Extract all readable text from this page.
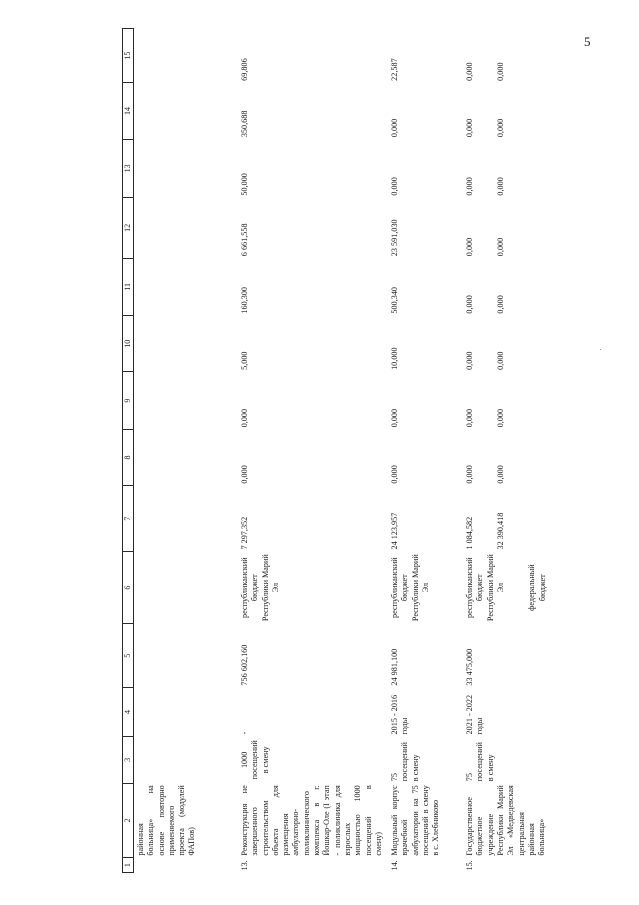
5
1	2	3	4	5	6	7	8	9	10	11	12	13	14	15
	районная больница» на основе повторно применяемого проекта (модулей ФАПов)													
13.	Реконструкция не завершенного строительством объекта для размещения амбулаторно-поликлинического комплекса в г. Йошкар-Оле (I этап - поликлиника для взрослых мощностью 1000 посещений в смену)	1000 посещений в смену	-	756 602,160	республиканский бюджет Республики Марий Эл	7 297,352	0,000	0,000	5,000	160,300	6 661,558	50,000	350,688	69,806
14.	Модульный корпус врачебной амбулатории на 75 посещений в смену в с. Хлебниково	75 посещений в смену	2015 - 2016 годы	24 981,100	республиканский бюджет Республики Марий Эл	24 123,957	0,000	0,000	10,000	500,340	23 591,030	0,000	0,000	22,587
15.	Государственное бюджетное учреждение Республики Марий Эл «Медведевская центральная районная больница»	75 посещений в смену	2021 - 2022 годы	33 475,000	республиканский бюджет Республики Марий Эл федеральный бюджет	1 084,582 32 390,418	0,000 0,000	0,000 0,000	0,000 0,000	0,000 0,000	0,000 0,000	0,000 0,000	0,000 0,000	0,000 0,000
